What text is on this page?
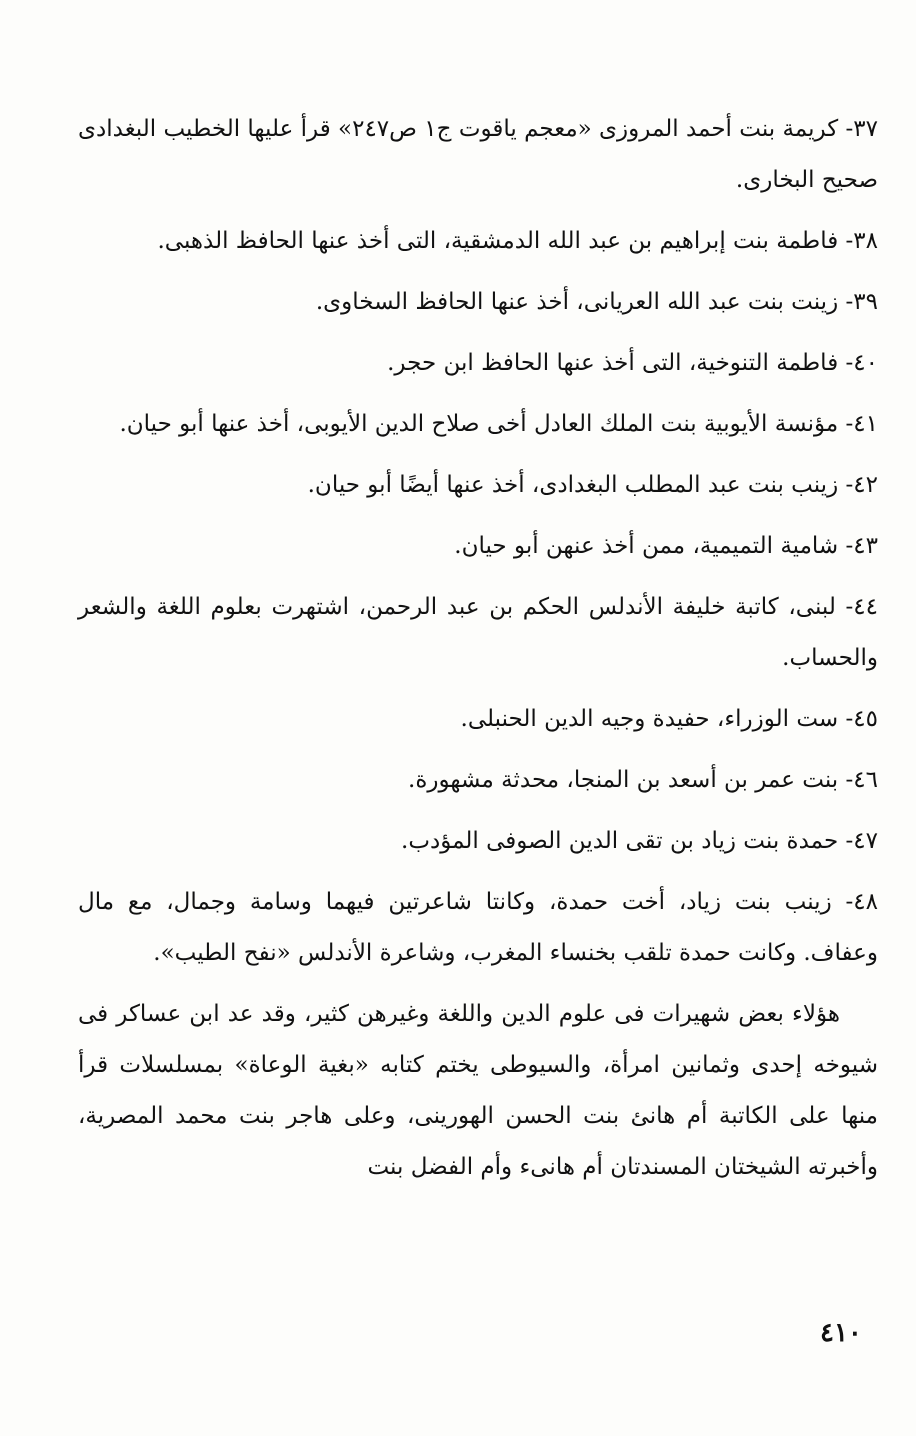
٣٧- كريمة بنت أحمد المروزى «معجم ياقوت ج١ ص٢٤٧» قرأ عليها الخطيب البغدادى صحيح البخارى.

٣٨- فاطمة بنت إبراهيم بن عبد الله الدمشقية، التى أخذ عنها الحافظ الذهبى.

٣٩- زينت بنت عبد الله العريانى، أخذ عنها الحافظ السخاوى.

٤٠- فاطمة التنوخية، التى أخذ عنها الحافظ ابن حجر.

٤١- مؤنسة الأيوبية بنت الملك العادل أخى صلاح الدين الأيوبى، أخذ عنها أبو حيان.

٤٢- زينب بنت عبد المطلب البغدادى، أخذ عنها أيضًا أبو حيان.

٤٣- شامية التميمية، ممن أخذ عنهن أبو حيان.

٤٤- لبنى، كاتبة خليفة الأندلس الحكم بن عبد الرحمن، اشتهرت بعلوم اللغة والشعر والحساب.

٤٥- ست الوزراء، حفيدة وجيه الدين الحنبلى.

٤٦- بنت عمر بن أسعد بن المنجا، محدثة مشهورة.

٤٧- حمدة بنت زياد بن تقى الدين الصوفى المؤدب.

٤٨- زينب بنت زياد، أخت حمدة، وكانتا شاعرتين فيهما وسامة وجمال، مع مال وعفاف. وكانت حمدة تلقب بخنساء المغرب، وشاعرة الأندلس «نفح الطيب».

هؤلاء بعض شهيرات فى علوم الدين واللغة وغيرهن كثير، وقد عد ابن عساكر فى شيوخه إحدى وثمانين امرأة، والسيوطى يختم كتابه «بغية الوعاة» بمسلسلات قرأ منها على الكاتبة أم هانئ بنت الحسن الهورينى، وعلى هاجر بنت محمد المصرية، وأخبرته الشيختان المسندتان أم هانىء وأم الفضل بنت

٤١٠
